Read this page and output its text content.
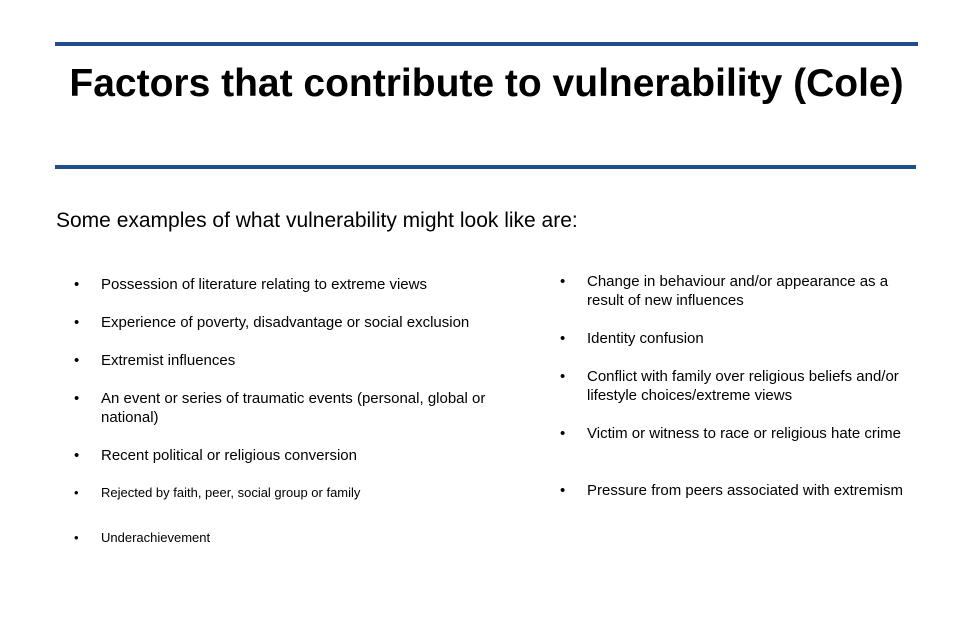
Factors that contribute to vulnerability (Cole)

Some examples of what vulnerability might look like are:

•	Possession of literature relating to extreme views
•	Experience of poverty, disadvantage or social exclusion
•	Extremist influences
•	An event or series of traumatic events (personal, global or national)
•	Recent political or religious conversion
•	Rejected by faith, peer, social group or family
•	Underachievement
•	Change in behaviour and/or appearance as a result of new influences
•	Identity confusion
•	Conflict with family over religious beliefs and/or lifestyle choices/extreme views
•	Victim or witness to race or religious hate crime
•	Pressure from peers associated with extremism
